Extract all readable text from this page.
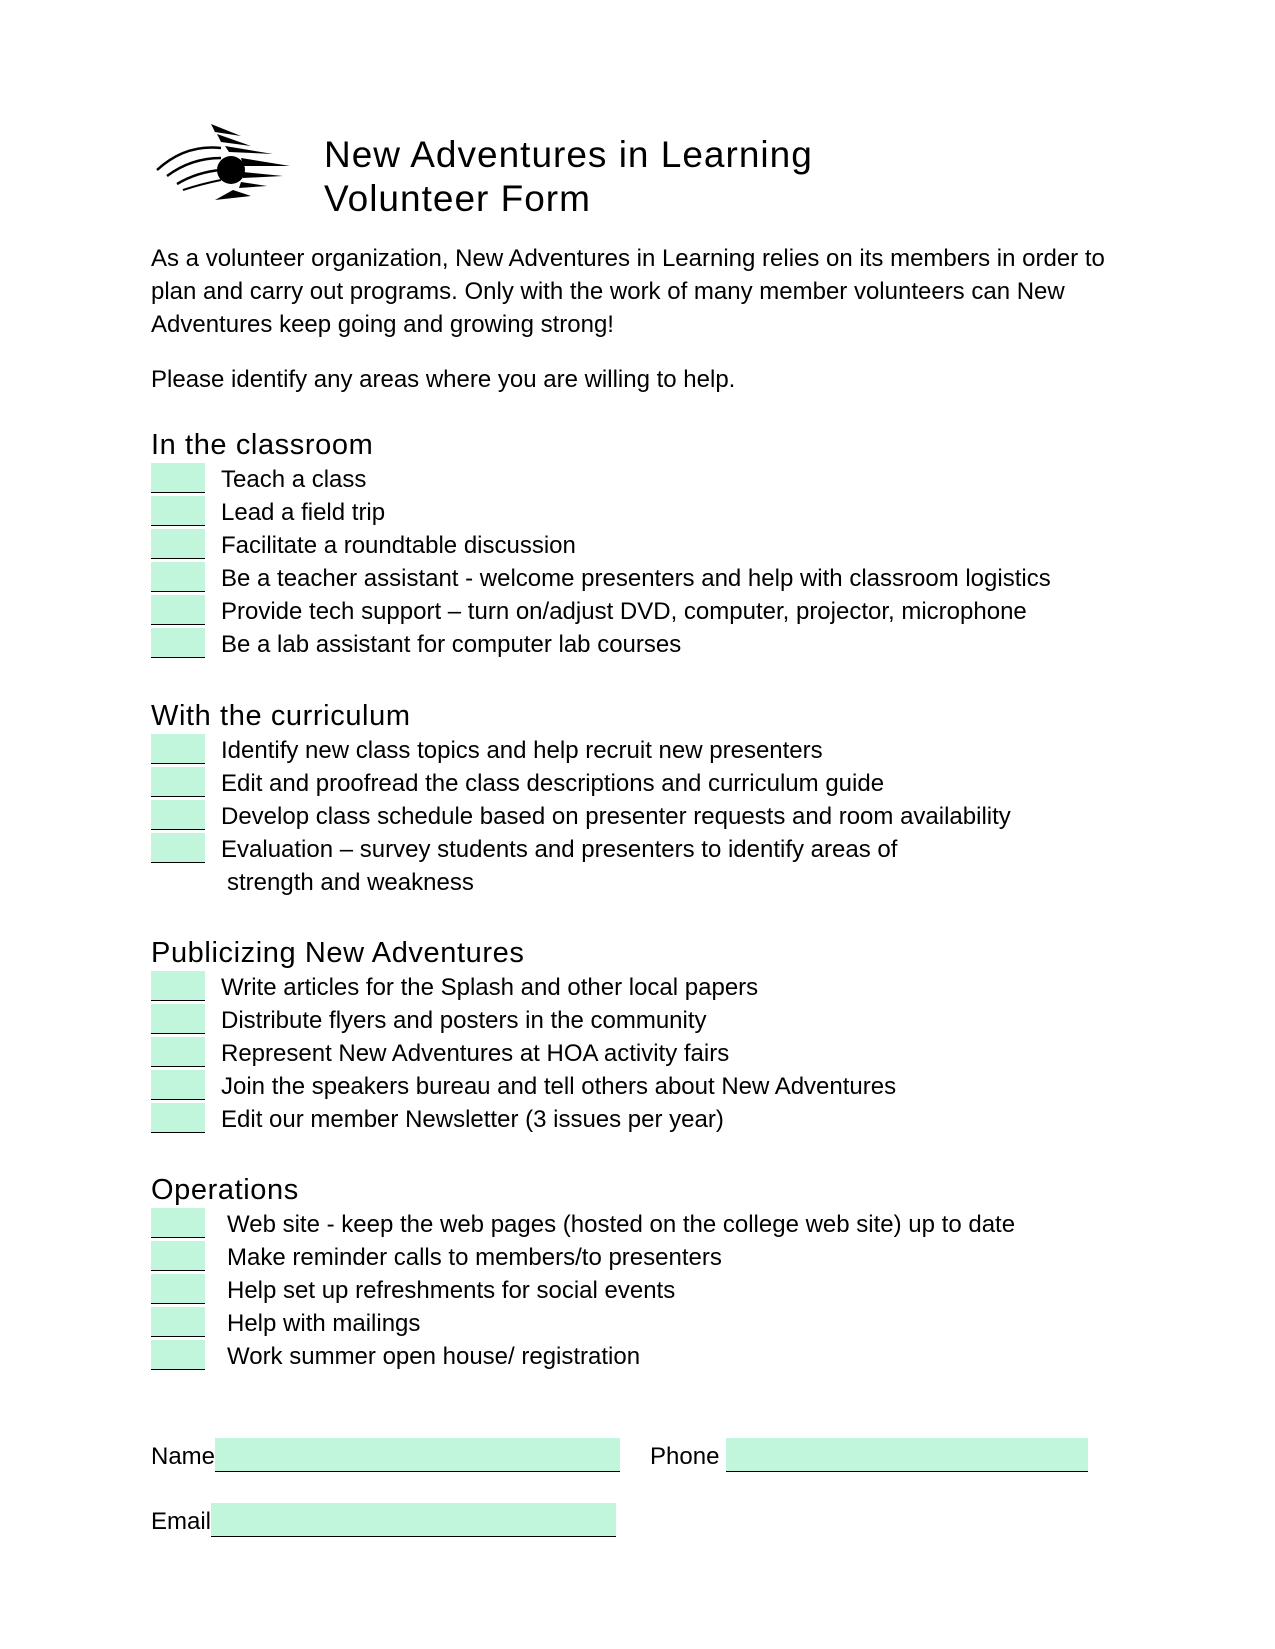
New Adventures in Learning
Volunteer Form

As a volunteer organization, New Adventures in Learning relies on its members in order to plan and carry out programs. Only with the work of many member volunteers can New Adventures keep going and growing strong!

Please identify any areas where you are willing to help.

In the classroom
Teach a class
Lead a field trip
Facilitate a roundtable discussion
Be a teacher assistant - welcome presenters and help with classroom logistics
Provide tech support – turn on/adjust DVD, computer, projector, microphone
Be a lab assistant for computer lab courses
With the curriculum
Identify new class topics and help recruit new presenters
Edit and proofread the class descriptions and curriculum guide
Develop class schedule based on presenter requests and room availability
Evaluation – survey students and presenters to identify areas of
strength and weakness
Publicizing New Adventures
Write articles for the Splash and other local papers
Distribute flyers and posters in the community
Represent New Adventures at HOA activity fairs
Join the speakers bureau and tell others about New Adventures
Edit our member Newsletter (3 issues per year)
Operations
Web site - keep the web pages (hosted on the college web site) up to date
Make reminder calls to members/to presenters
Help set up refreshments for social events
Help with mailings
Work summer open house/ registration
Name	Phone
Email
